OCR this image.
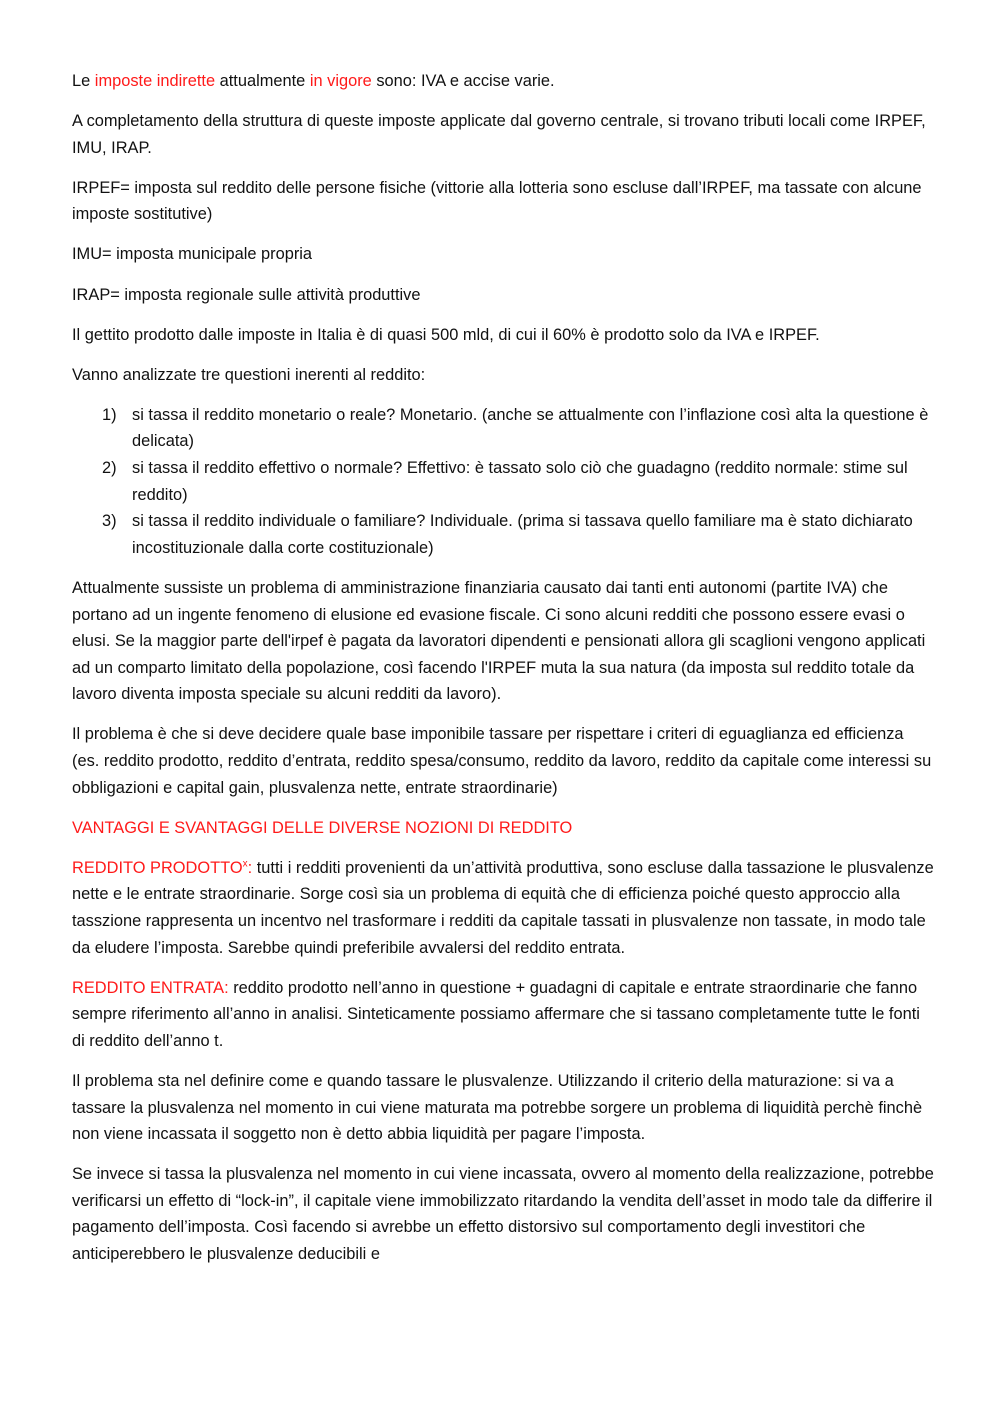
Le imposte indirette attualmente in vigore sono: IVA e accise varie.

A completamento della struttura di queste imposte applicate dal governo centrale, si trovano tributi locali come IRPEF, IMU, IRAP.

IRPEF= imposta sul reddito delle persone fisiche (vittorie alla lotteria sono escluse dall’IRPEF, ma tassate con alcune imposte sostitutive)

IMU= imposta municipale propria

IRAP= imposta regionale sulle attività produttive

Il gettito prodotto dalle imposte in Italia è di quasi 500 mld, di cui il 60% è prodotto solo da IVA e IRPEF.

Vanno analizzate tre questioni inerenti al reddito:

1) si tassa il reddito monetario o reale? Monetario. (anche se attualmente con l’inflazione così alta la questione è delicata)
2) si tassa il reddito effettivo o normale? Effettivo: è tassato solo ciò che guadagno (reddito normale: stime sul reddito)
3) si tassa il reddito individuale o familiare? Individuale. (prima si tassava quello familiare ma è stato dichiarato incostituzionale dalla corte costituzionale)

Attualmente sussiste un problema di amministrazione finanziaria causato dai tanti enti autonomi (partite IVA) che portano ad un ingente fenomeno di elusione ed evasione fiscale. Ci sono alcuni redditi che possono essere evasi o elusi. Se la maggior parte dell'irpef è pagata da lavoratori dipendenti e pensionati allora gli scaglioni vengono applicati ad un comparto limitato della popolazione, così facendo l'IRPEF muta la sua natura (da imposta sul reddito totale da lavoro diventa imposta speciale su alcuni redditi da lavoro).

Il problema è che si deve decidere quale base imponibile tassare per rispettare i criteri di eguaglianza ed efficienza (es. reddito prodotto, reddito d’entrata, reddito spesa/consumo, reddito da lavoro, reddito da capitale come interessi su obbligazioni e capital gain, plusvalenza nette, entrate straordinarie)

VANTAGGI E SVANTAGGI DELLE DIVERSE NOZIONI DI REDDITO

REDDITO PRODOTTO$^x$: tutti i redditi provenienti da un’attività produttiva, sono escluse dalla tassazione le plusvalenze nette e le entrate straordinarie. Sorge così sia un problema di equità che di efficienza poiché questo approccio alla tasszione rappresenta un incentvo nel trasformare i redditi da capitale tassati in plusvalenze non tassate, in modo tale da eludere l’imposta. Sarebbe quindi preferibile avvalersi del reddito entrata.

REDDITO ENTRATA: reddito prodotto nell’anno in questione + guadagni di capitale e entrate straordinarie che fanno sempre riferimento all’anno in analisi. Sinteticamente possiamo affermare che si tassano completamente tutte le fonti di reddito dell’anno t.

Il problema sta nel definire come e quando tassare le plusvalenze. Utilizzando il criterio della maturazione: si va a tassare la plusvalenza nel momento in cui viene maturata ma potrebbe sorgere un problema di liquidità perchè finchè non viene incassata il soggetto non è detto abbia liquidità per pagare l’imposta.

Se invece si tassa la plusvalenza nel momento in cui viene incassata, ovvero al momento della realizzazione, potrebbe verificarsi un effetto di “lock-in”, il capitale viene immobilizzato ritardando la vendita dell’asset in modo tale da differire il pagamento dell’imposta. Così facendo si avrebbe un effetto distorsivo sul comportamento degli investitori che anticiperebbero le plusvalenze deducibili e
